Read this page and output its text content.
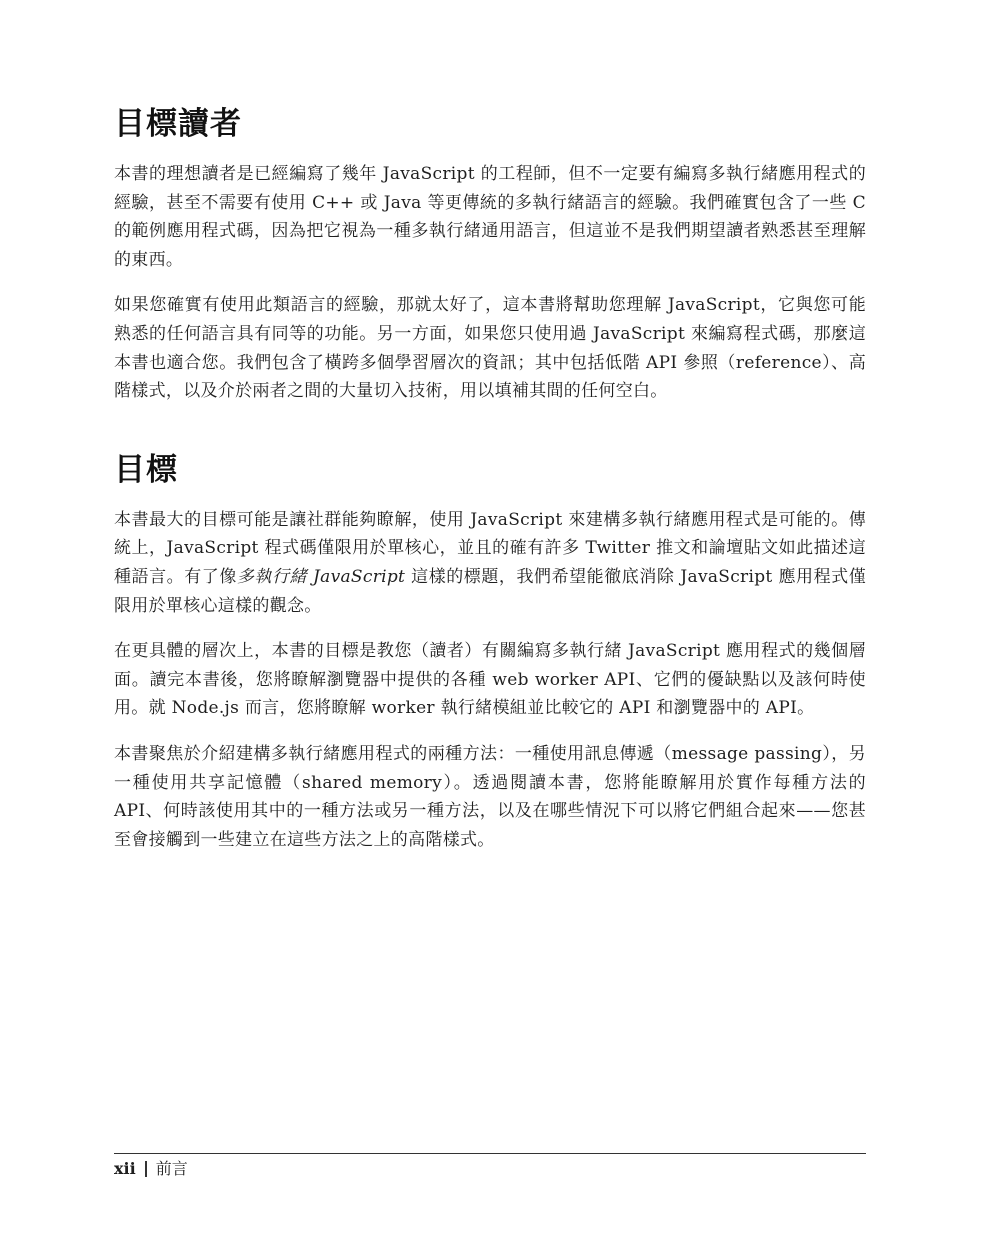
目標讀者

本書的理想讀者是已經編寫了幾年 JavaScript 的工程師，但不一定要有編寫多執行緒應用程式的經驗，甚至不需要有使用 C++ 或 Java 等更傳統的多執行緒語言的經驗。我們確實包含了一些 C 的範例應用程式碼，因為把它視為一種多執行緒通用語言，但這並不是我們期望讀者熟悉甚至理解的東西。

如果您確實有使用此類語言的經驗，那就太好了，這本書將幫助您理解 JavaScript，它與您可能熟悉的任何語言具有同等的功能。另一方面，如果您只使用過 JavaScript 來編寫程式碼，那麼這本書也適合您。我們包含了橫跨多個學習層次的資訊；其中包括低階 API 參照（reference）、高階樣式，以及介於兩者之間的大量切入技術，用以填補其間的任何空白。

目標

本書最大的目標可能是讓社群能夠瞭解，使用 JavaScript 來建構多執行緒應用程式是可能的。傳統上，JavaScript 程式碼僅限用於單核心，並且的確有許多 Twitter 推文和論壇貼文如此描述這種語言。有了像多執行緒 JavaScript 這樣的標題，我們希望能徹底消除 JavaScript 應用程式僅限用於單核心這樣的觀念。

在更具體的層次上，本書的目標是教您（讀者）有關編寫多執行緒 JavaScript 應用程式的幾個層面。讀完本書後，您將瞭解瀏覽器中提供的各種 web worker API、它們的優缺點以及該何時使用。就 Node.js 而言，您將瞭解 worker 執行緒模組並比較它的 API 和瀏覽器中的 API。

本書聚焦於介紹建構多執行緒應用程式的兩種方法：一種使用訊息傳遞（message passing），另一種使用共享記憶體（shared memory）。透過閱讀本書，您將能瞭解用於實作每種方法的 API、何時該使用其中的一種方法或另一種方法，以及在哪些情況下可以將它們組合起來——您甚至會接觸到一些建立在這些方法之上的高階樣式。

xii 前言
